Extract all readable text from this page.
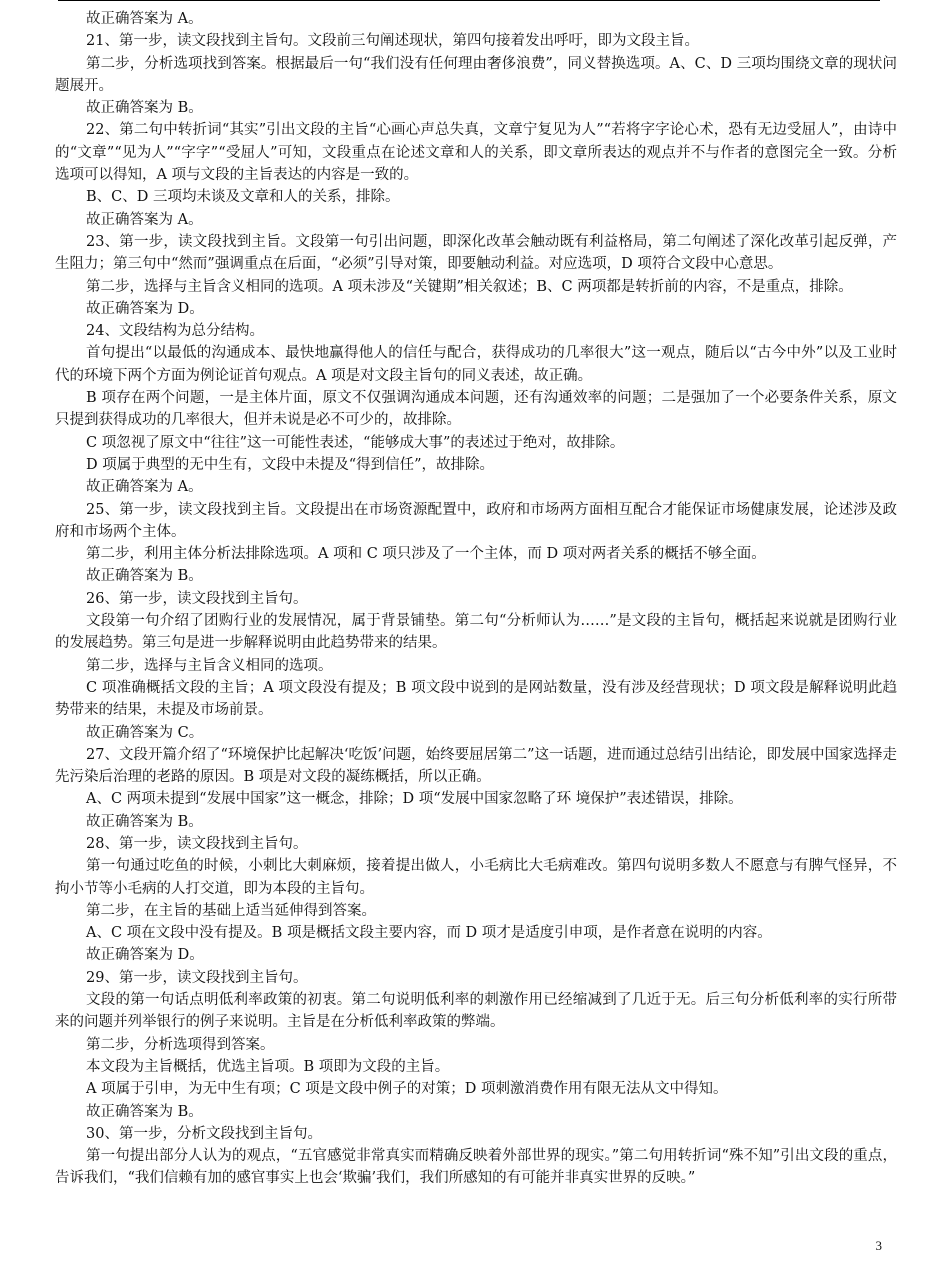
故正确答案为 A。

21、第一步，读文段找到主旨句。文段前三句阐述现状，第四句接着发出呼吁，即为文段主旨。

第二步，分析选项找到答案。根据最后一句“我们没有任何理由奢侈浪费”，同义替换选项。A、C、D 三项均围绕文章的现状问题展开。

故正确答案为 B。

22、第二句中转折词“其实”引出文段的主旨“心画心声总失真，文章宁复见为人”“若将字字论心术，恐有无边受屈人”，由诗中的“文章”“见为人”“字字”“受屈人”可知，文段重点在论述文章和人的关系，即文章所表达的观点并不与作者的意图完全一致。分析选项可以得知，A 项与文段的主旨表达的内容是一致的。

B、C、D 三项均未谈及文章和人的关系，排除。

故正确答案为 A。

23、第一步，读文段找到主旨。文段第一句引出问题，即深化改革会触动既有利益格局，第二句阐述了深化改革引起反弹，产生阻力；第三句中“然而”强调重点在后面，“必须”引导对策，即要触动利益。对应选项，D 项符合文段中心意思。

第二步，选择与主旨含义相同的选项。A 项未涉及“关键期”相关叙述；B、C 两项都是转折前的内容，不是重点，排除。

故正确答案为 D。

24、文段结构为总分结构。

首句提出“以最低的沟通成本、最快地赢得他人的信任与配合，获得成功的几率很大”这一观点，随后以“古今中外”以及工业时代的环境下两个方面为例论证首句观点。A 项是对文段主旨句的同义表述，故正确。

B 项存在两个问题，一是主体片面，原文不仅强调沟通成本问题，还有沟通效率的问题；二是强加了一个必要条件关系，原文只提到获得成功的几率很大，但并未说是必不可少的，故排除。

C 项忽视了原文中“往往”这一可能性表述，“能够成大事”的表述过于绝对，故排除。

D 项属于典型的无中生有，文段中未提及“得到信任”，故排除。

故正确答案为 A。

25、第一步，读文段找到主旨。文段提出在市场资源配置中，政府和市场两方面相互配合才能保证市场健康发展，论述涉及政府和市场两个主体。

第二步，利用主体分析法排除选项。A 项和 C 项只涉及了一个主体，而 D 项对两者关系的概括不够全面。

故正确答案为 B。

26、第一步，读文段找到主旨句。

文段第一句介绍了团购行业的发展情况，属于背景铺垫。第二句“分析师认为……”是文段的主旨句，概括起来说就是团购行业的发展趋势。第三句是进一步解释说明由此趋势带来的结果。

第二步，选择与主旨含义相同的选项。

C 项准确概括文段的主旨；A 项文段没有提及；B 项文段中说到的是网站数量，没有涉及经营现状；D 项文段是解释说明此趋势带来的结果，未提及市场前景。

故正确答案为 C。

27、文段开篇介绍了“环境保护比起解决‘吃饭’问题，始终要屈居第二”这一话题，进而通过总结引出结论，即发展中国家选择走先污染后治理的老路的原因。B 项是对文段的凝练概括，所以正确。

A、C 两项未提到“发展中国家”这一概念，排除；D 项“发展中国家忽略了环 境保护”表述错误，排除。

故正确答案为 B。

28、第一步，读文段找到主旨句。

第一句通过吃鱼的时候，小刺比大刺麻烦，接着提出做人，小毛病比大毛病难改。第四句说明多数人不愿意与有脾气怪异，不拘小节等小毛病的人打交道，即为本段的主旨句。

第二步，在主旨的基础上适当延伸得到答案。

A、C 项在文段中没有提及。B 项是概括文段主要内容，而 D 项才是适度引申项，是作者意在说明的内容。

故正确答案为 D。

29、第一步，读文段找到主旨句。

文段的第一句话点明低利率政策的初衷。第二句说明低利率的刺激作用已经缩减到了几近于无。后三句分析低利率的实行所带来的问题并列举银行的例子来说明。主旨是在分析低利率政策的弊端。

第二步，分析选项得到答案。

本文段为主旨概括，优选主旨项。B 项即为文段的主旨。

A 项属于引申，为无中生有项；C 项是文段中例子的对策；D 项刺激消费作用有限无法从文中得知。

故正确答案为 B。

30、第一步，分析文段找到主旨句。

第一句提出部分人认为的观点，“五官感觉非常真实而精确反映着外部世界的现实。”第二句用转折词“殊不知”引出文段的重点，告诉我们，“我们信赖有加的感官事实上也会‘欺骗’我们，我们所感知的有可能并非真实世界的反映。”

3
